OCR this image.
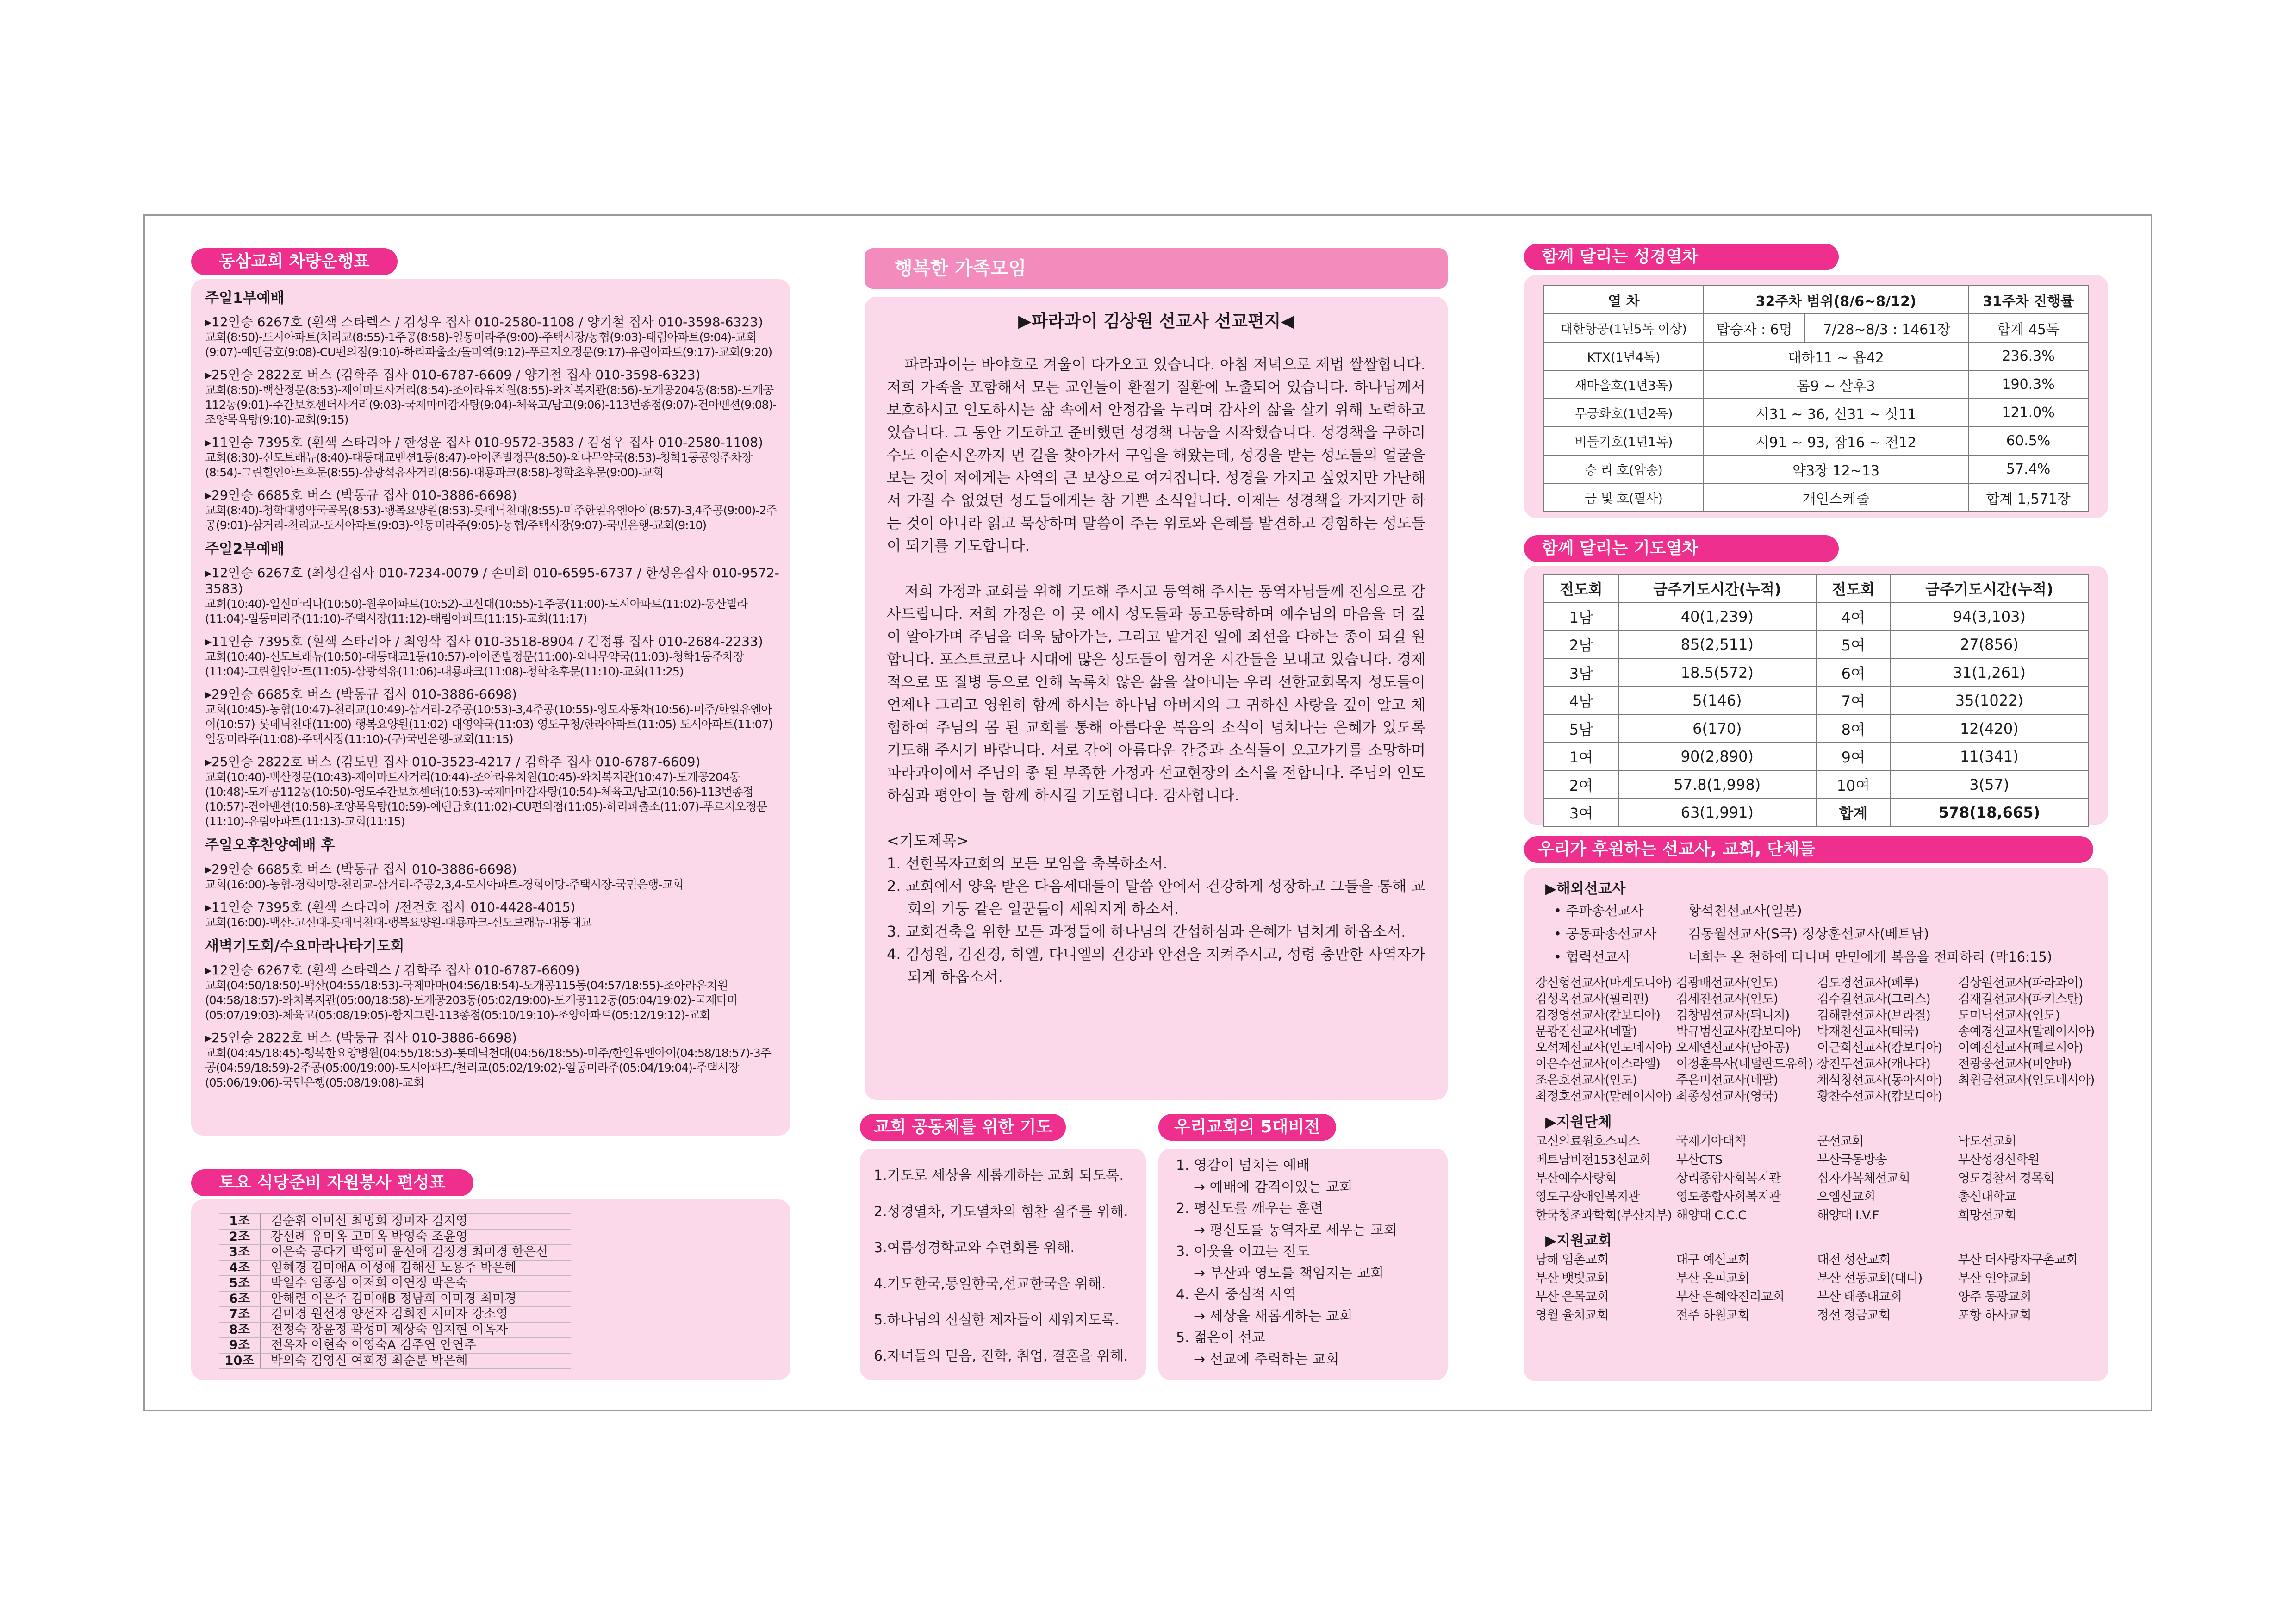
동삼교회 차량운행표
주일1부예배
▸12인승 6267호 (흰색 스타렉스 / 김성우 집사 010-2580-1108 / 양기철 집사 010-3598-6323)
교회(8:50)-도시아파트(처리교(8:55)-1주공(8:58)-일동미라주(9:00)-주택시장/농협(9:03)-태림아파트(9:04)-교회(9:07)-예덴금호(9:08)-CU편의점(9:10)-하리파출소/돌미역(9:12)-푸르지오정문(9:17)-유림아파트(9:17)-교회(9:20)
▸25인승 2822호 버스 (김학주 집사 010-6787-6609 / 양기철 집사 010-3598-6323)
교회(8:50)-백산정문(8:53)-제이마트사거리(8:54)-조아라유치원(8:55)-와치복지관(8:56)-도개공204동(8:58)-도개공112동(9:01)-주간보호센터사거리(9:03)-국제마마감자탕(9:04)-체육고/남고(9:06)-113번종점(9:07)-건아맨션(9:08)-조양목욕탕(9:10)-교회(9:15)
▸11인승 7395호 (흰색 스타리아 / 한성운 집사 010-9572-3583 / 김성우 집사 010-2580-1108)
교회(8:30)-신도브래뉴(8:40)-대동대교맨션1동(8:47)-아이존빌정문(8:50)-외나무약국(8:53)-청학1동공영주차장(8:54)-그린힐인아트후문(8:55)-삼광석유사거리(8:56)-대룡파크(8:58)-청학초후문(9:00)-교회
▸29인승 6685호 버스 (박동규 집사 010-3886-6698)
교회(8:40)-청학대영약국골목(8:53)-행복요양원(8:53)-롯데닉천대(8:55)-미주한일유엔아이(8:57)-3,4주공(9:00)-2주공(9:01)-삼거리-천리교-도시아파트(9:03)-일동미라주(9:05)-농협/주택시장(9:07)-국민은행-교회(9:10)
주일2부예배
▸12인승 6267호 (최성길집사 010-7234-0079 / 손미희 010-6595-6737 / 한성은집사 010-9572-3583)
교회(10:40)-일신마리나(10:50)-원우아파트(10:52)-고신대(10:55)-1주공(11:00)-도시아파트(11:02)-동산빌라(11:04)-일동미라주(11:10)-주택시장(11:12)-태림아파트(11:15)-교회(11:17)
▸11인승 7395호 (흰색 스타리아 / 최영삭 집사 010-3518-8904 / 김정룡 집사 010-2684-2233)
교회(10:40)-신도브래뉴(10:50)-대동대교1동(10:57)-아이존빌정문(11:00)-외나무약국(11:03)-청학1동주차장(11:04)-그린힐인아트(11:05)-삼광석유(11:06)-대룡파크(11:08)-청학초후문(11:10)-교회(11:25)
▸29인승 6685호 버스 (박동규 집사 010-3886-6698)
교회(10:45)-농협(10:47)-천리교(10:49)-삼거리-2주공(10:53)-3,4주공(10:55)-영도자동차(10:56)-미주/한일유엔아이(10:57)-롯데닉천대(11:00)-행복요양원(11:02)-대영약국(11:03)-영도구청/한라아파트(11:05)-도시아파트(11:07)-일동미라주(11:08)-주택시장(11:10)-(구)국민은행-교회(11:15)
▸25인승 2822호 버스 (김도민 집사 010-3523-4217 / 김학주 집사 010-6787-6609)
교회(10:40)-백산정문(10:43)-제이마트사거리(10:44)-조아라유치원(10:45)-와치복지관(10:47)-도개공204동(10:48)-도개공112동(10:50)-영도주간보호센터(10:53)-국제마마감자탕(10:54)-체육고/남고(10:56)-113번종점(10:57)-건아맨션(10:58)-조양목욕탕(10:59)-예덴금호(11:02)-CU편의점(11:05)-하리파출소(11:07)-푸르지오정문(11:10)-유림아파트(11:13)-교회(11:15)
주일오후찬양예배 후
▸29인승 6685호 버스 (박동규 집사 010-3886-6698)
교회(16:00)-농협-경희어망-천리교-삼거리-주공2,3,4-도시아파트-경희어망-주택시장-국민은행-교회
▸11인승 7395호 (흰색 스타리아 /전건호 집사 010-4428-4015)
교회(16:00)-백산-고신대-롯데닉천대-행복요양원-대룡파크-신도브래뉴-대동대교
새벽기도회/수요마라나타기도회
▸12인승 6267호 (흰색 스타렉스 / 김학주 집사 010-6787-6609)
교회(04:50/18:50)-백산(04:55/18:53)-국제마마(04:56/18:54)-도개공115동(04:57/18:55)-조아라유치원(04:58/18:57)-와치복지관(05:00/18:58)-도개공203동(05:02/19:00)-도개공112동(05:04/19:02)-국제마마(05:07/19:03)-체육고(05:08/19:05)-함지그린-113종점(05:10/19:10)-조양아파트(05:12/19:12)-교회
▸25인승 2822호 버스 (박동규 집사 010-3886-6698)
교회(04:45/18:45)-행복한요양병원(04:55/18:53)-롯데닉천대(04:56/18:55)-미주/한일유엔아이(04:58/18:57)-3주공(04:59/18:59)-2주공(05:00/19:00)-도시아파트/천리교(05:02/19:02)-일동미라주(05:04/19:04)-주택시장(05:06/19:06)-국민은행(05:08/19:08)-교회
토요 식당준비 자원봉사 편성표
1조	김순휘 이미선 최병희 정미자 김지영
2조	강선례 유미옥 고미옥 박영숙 조윤영
3조	이은숙 공다기 박영미 윤선애 김정경 최미경 한은선
4조	임혜경 김미애A 이성애 김해선 노용주 박은혜
5조	박일수 임종심 이저희 이연정 박은숙
6조	안해련 이은주 김미애B 정남희 이미경 최미경
7조	김미경 원선경 양선자 김희진 서미자 강소영
8조	전정숙 장윤정 곽성미 제상숙 임지현 이옥자
9조	전옥자 이현숙 이영숙A 김주연 안연주
10조	박의숙 김영신 여희정 최순분 박은혜
행복한 가족모임
▶파라과이 김상원 선교사 선교편지◀

파라과이는 바야흐로 겨울이 다가오고 있습니다. 아침 저녁으로 제법 쌀쌀합니다. 저희 가족을 포함해서 모든 교인들이 환절기 질환에 노출되어 있습니다. 하나님께서 보호하시고 인도하시는 삶 속에서 안정감을 누리며 감사의 삶을 살기 위해 노력하고 있습니다. 그 동안 기도하고 준비했던 성경책 나눔을 시작했습니다. 성경책을 구하러 수도 이순시온까지 먼 길을 찾아가서 구입을 해왔는데, 성경을 받는 성도들의 얼굴을 보는 것이 저에게는 사역의 큰 보상으로 여겨집니다. 성경을 가지고 싶었지만 가난해서 가질 수 없었던 성도들에게는 참 기쁜 소식입니다. 이제는 성경책을 가지기만 하는 것이 아니라 읽고 묵상하며 말씀이 주는 위로와 은혜를 발견하고 경험하는 성도들이 되기를 기도합니다.

저희 가정과 교회를 위해 기도해 주시고 동역해 주시는 동역자님들께 진심으로 감사드립니다. 저희 가정은 이 곳 에서 성도들과 동고동락하며 예수님의 마음을 더 깊이 알아가며 주님을 더욱 닮아가는, 그리고 맡겨진 일에 최선을 다하는 종이 되길 원합니다. 포스트코로나 시대에 많은 성도들이 힘겨운 시간들을 보내고 있습니다. 경제적으로 또 질병 등으로 인해 녹록치 않은 삶을 살아내는 우리 선한교회목자 성도들이 언제나 그리고 영원히 함께 하시는 하나님 아버지의 그 귀하신 사랑을 깊이 알고 체험하여 주님의 몸 된 교회를 통해 아름다운 복음의 소식이 넘쳐나는 은혜가 있도록 기도해 주시기 바랍니다. 서로 간에 아름다운 간증과 소식들이 오고가기를 소망하며 파라과이에서 주님의 좋 된 부족한 가정과 선교현장의 소식을 전합니다. 주님의 인도하심과 평안이 늘 함께 하시길 기도합니다. 감사합니다.

<기도제목>
1. 선한목자교회의 모든 모임을 축복하소서.
2. 교회에서 양육 받은 다음세대들이 말씀 안에서 건강하게 성장하고 그들을 통해 교회의 기둥 같은 일꾼들이 세워지게 하소서.
3. 교회건축을 위한 모든 과정들에 하나님의 간섭하심과 은혜가 넘치게 하옵소서.
4. 김성원, 김진경, 히엘, 다니엘의 건강과 안전을 지켜주시고, 성령 충만한 사역자가 되게 하옵소서.
교회 공동체를 위한 기도
1.기도로 세상을 새롭게하는 교회 되도록.
2.성경열차, 기도열차의 힘찬 질주를 위해.
3.여름성경학교와 수련회를 위해.
4.기도한국,통일한국,선교한국을 위해.
5.하나님의 신실한 제자들이 세워지도록.
6.자녀들의 믿음, 진학, 취업, 결혼을 위해.
우리교회의 5대비전
1. 영감이 넘치는 예배
→ 예배에 감격이있는 교회
2. 평신도를 깨우는 훈련
→ 평신도를 동역자로 세우는 교회
3. 이웃을 이끄는 전도
→ 부산과 영도를 책임지는 교회
4. 은사 중심적 사역
→ 세상을 새롭게하는 교회
5. 젊은이 선교
→ 선교에 주력하는 교회
함께 달리는 성경열차
열 차	32주차 범위(8/6~8/12)		31주차 진행률
대한항공(1년5독 이상)	탑승자 : 6명	7/28~8/3 : 1461장	합계 45독
KTX(1년4독)	대하11 ~ 욥42		236.3%
새마을호(1년3독)	롬9 ~ 살후3		190.3%
무궁화호(1년2독)	시31 ~ 36, 신31 ~ 삿11		121.0%
비둘기호(1년1독)	시91 ~ 93, 잠16 ~ 전12		60.5%
승 리 호(암송)	약3장 12~13		57.4%
금 빛 호(필사)	개인스케줄		합계 1,571장
함께 달리는 기도열차
전도회	금주기도시간(누적)	전도회	금주기도시간(누적)
1남	40(1,239)	4여	94(3,103)
2남	85(2,511)	5여	27(856)
3남	18.5(572)	6여	31(1,261)
4남	5(146)	7여	35(1022)
5남	6(170)	8여	12(420)
1여	90(2,890)	9여	11(341)
2여	57.8(1,998)	10여	3(57)
3여	63(1,991)	합계	578(18,665)
우리가 후원하는 선교사, 교회, 단체들
▶해외선교사
• 주파송선교사	황석천선교사(일본)
• 공동파송선교사	김동월선교사(S국) 정상훈선교사(베트남)
• 협력선교사	너희는 온 천하에 다니며 만민에게 복음을 전파하라 (막16:15)
강신형선교사(마게도니아) 김광배선교사(인도)	김도경선교사(페루)	김상원선교사(파라과이)
김성옥선교사(필리핀)	김세진선교사(인도)	김수길선교사(그리스)	김재길선교사(파키스탄)
김정영선교사(캄보디아)	김창범선교사(튀니지)	김해란선교사(브라질)	도미닉선교사(인도)
문광진선교사(네팔)	박규범선교사(캄보디아)	박재천선교사(태국)	송예경선교사(말레이시아)
오석제선교사(인도네시아) 오세연선교사(남아공)	이근희선교사(캄보디아)	이예진선교사(페르시아)
이은수선교사(이스라엘)	이정훈목사(네덜란드유학) 장진두선교사(캐나다)	전광웅선교사(미얀마)
조은호선교사(인도)	주은미선교사(네팔)	채석청선교사(동아시아)	최원금선교사(인도네시아)
최정호선교사(말레이시아) 최종성선교사(영국)	황찬수선교사(캄보디아)
▶지원단체
고신의료원호스피스	국제기아대책	군선교회	낙도선교회
베트남비전153선교회	부산CTS	부산극동방송	부산성경신학원
부산예수사랑회	상리종합사회복지관	십자가복체선교회	영도경찰서 경목회
영도구장애인복지관	영도종합사회복지관	오엠선교회	총신대학교
한국청조과학회(부산지부) 해양대 C.C.C	해양대 I.V.F	희망선교회
▶지원교회
남해 임촌교회	대구 예신교회	대전 성산교회	부산 더사랑자구촌교회
부산 뱃빛교회	부산 온피교회	부산 선동교회(대디)	부산 연약교회
부산 은목교회	부산 은혜와진리교회	부산 태종대교회	양주 동광교회
영월 율치교회	전주 하원교회	정선 정금교회	포항 하사교회
